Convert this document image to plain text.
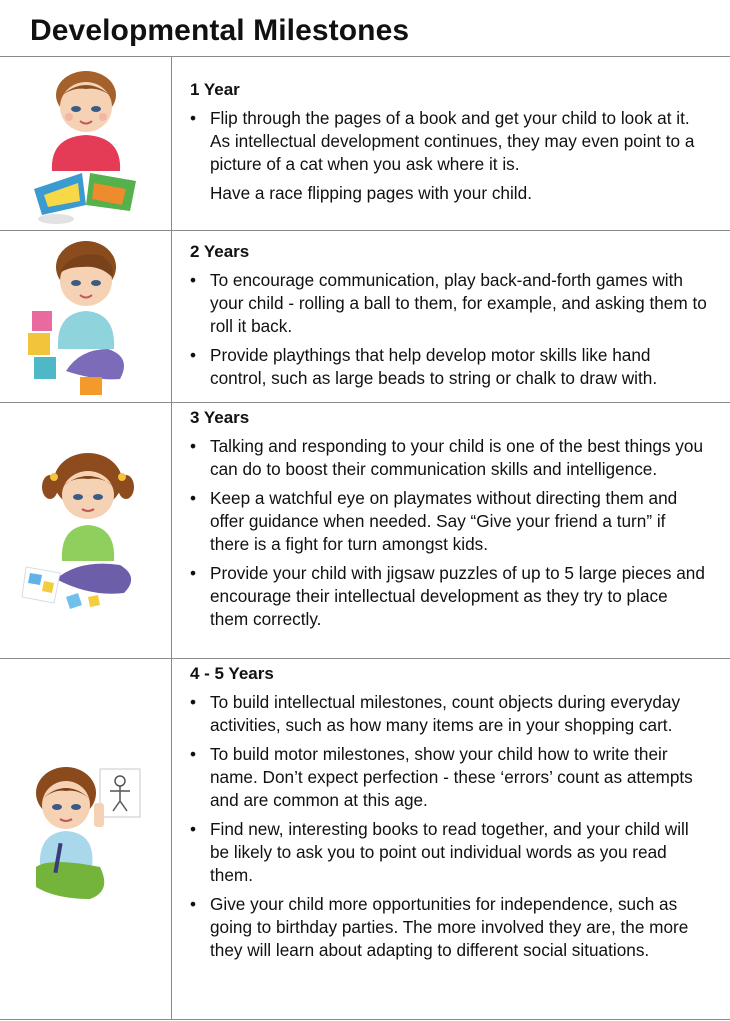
Developmental Milestones

1 Year

• Flip through the pages of a book and get your child to look at it. As intellectual development continues, they may even point to a picture of a cat when you ask where it is.

Have a race flipping pages with your child.

2 Years

• To encourage communication, play back-and-forth games with your child - rolling a ball to them, for example, and asking them to roll it back.
• Provide playthings that help develop motor skills like hand control, such as large beads to string or chalk to draw with.

3 Years

• Talking and responding to your child is one of the best things you can do to boost their communication skills and intelligence.
• Keep a watchful eye on playmates without directing them and offer guidance when needed. Say “Give your friend a turn” if there is a fight for turn amongst kids.
• Provide your child with jigsaw puzzles of up to 5 large pieces and encourage their intellectual development as they try to place them correctly.

4 - 5 Years

• To build intellectual milestones, count objects during everyday activities, such as how many items are in your shopping cart.
• To build motor milestones, show your child how to write their name. Don’t expect perfection - these ‘errors’ count as attempts and are common at this age.
• Find new, interesting books to read together, and your child will be likely to ask you to point out individual words as you read them.
• Give your child more opportunities for independence, such as going to birthday parties. The more involved they are, the more they will learn about adapting to different social situations.
